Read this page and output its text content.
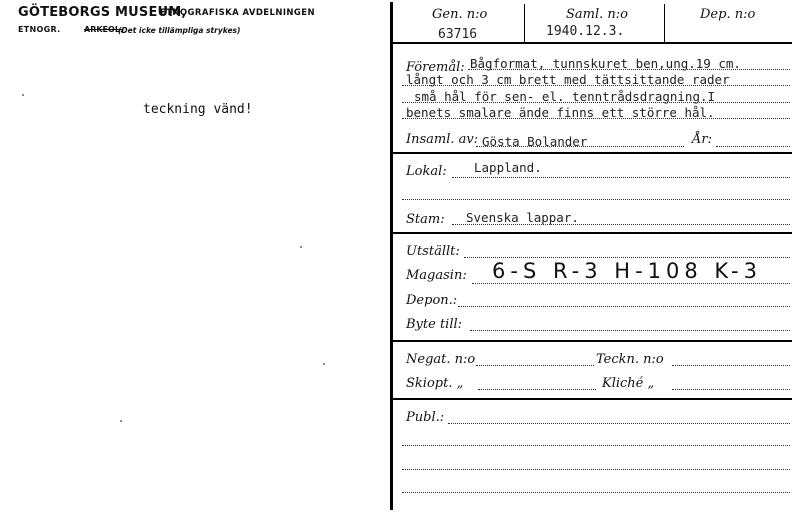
GÖTEBORGS MUSEUM,
ETNOGRAFISKA AVDELNINGEN
ETNOGR.	ARKEOL.
(Det icke tillämpliga strykes)
teckning vänd!
Gen. n:o
63716
Saml. n:o
1940.12.3.
Dep. n:o
Föremål: Bågformat, tunnskuret ben,ung.19 cm.
långt och 3 cm brett med tättsittande rader
små hål för sen- el. tenntrådsdragning.I
benets smalare ände finns ett större hål.
Insaml. av: Gösta Bolander	År:
Lokal: Lappland.
Stam: Svenska lappar.
Utställt:
Magasin: 6-S R-3 H-108 K-3
Depon.:
Byte till:
Negat. n:o	Teckn. n:o
Skiopt. „	Kliché „
Publ.:
